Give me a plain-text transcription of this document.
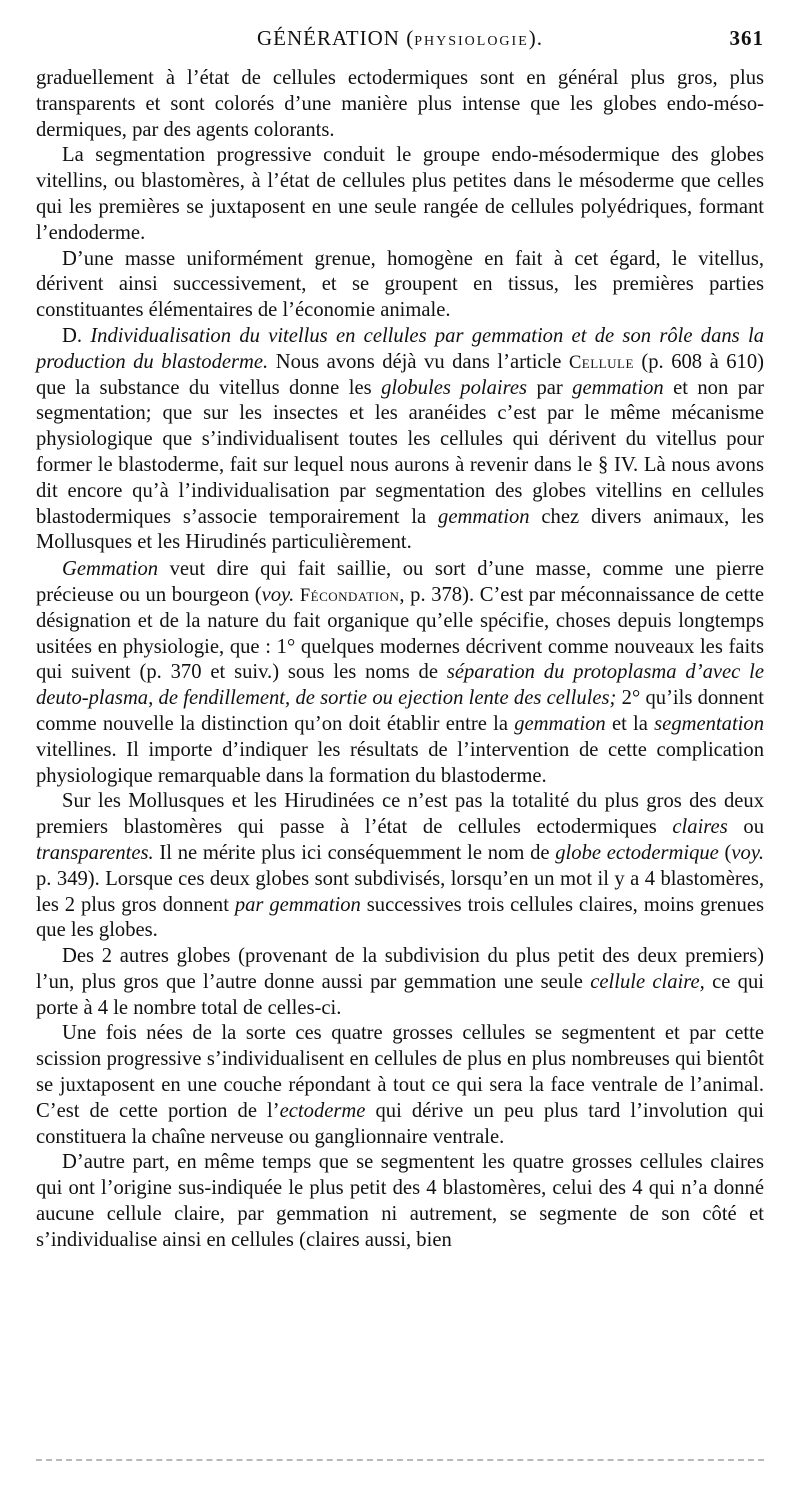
GÉNÉRATION (PHYSIOLOGIE).	361

graduellement à l’état de cellules ectodermiques sont en général plus gros, plus transparents et sont colorés d’une manière plus intense que les globes endo-méso-dermiques, par des agents colorants.

La segmentation progressive conduit le groupe endo-mésodermique des globes vitellins, ou blastomères, à l’état de cellules plus petites dans le mésoderme que celles qui les premières se juxtaposent en une seule rangée de cellules polyédriques, formant l’endoderme.

D’une masse uniformément grenue, homogène en fait à cet égard, le vitellus, dérivent ainsi successivement, et se groupent en tissus, les premières parties constituantes élémentaires de l’économie animale.

D. Individualisation du vitellus en cellules par gemmation et de son rôle dans la production du blastoderme. Nous avons déjà vu dans l’article Cellule (p. 608 à 610) que la substance du vitellus donne les globules polaires par gemmation et non par segmentation; que sur les insectes et les aranéides c’est par le même mécanisme physiologique que s’individualisent toutes les cellules qui dérivent du vitellus pour former le blastoderme, fait sur lequel nous aurons à revenir dans le § IV. Là nous avons dit encore qu’à l’individualisation par segmentation des globes vitellins en cellules blastodermiques s’associe temporairement la gemmation chez divers animaux, les Mollusques et les Hirudinés particulièrement.

Gemmation veut dire qui fait saillie, ou sort d’une masse, comme une pierre précieuse ou un bourgeon (voy. Fécondation, p. 378). C’est par méconnaissance de cette désignation et de la nature du fait organique qu’elle spécifie, choses depuis longtemps usitées en physiologie, que : 1° quelques modernes décrivent comme nouveaux les faits qui suivent (p. 370 et suiv.) sous les noms de séparation du protoplasma d’avec le deuto-plasma, de fendillement, de sortie ou ejection lente des cellules; 2° qu’ils donnent comme nouvelle la distinction qu’on doit établir entre la gemmation et la segmentation vitellines. Il importe d’indiquer les résultats de l’intervention de cette complication physiologique remarquable dans la formation du blastoderme.

Sur les Mollusques et les Hirudinées ce n’est pas la totalité du plus gros des deux premiers blastomères qui passe à l’état de cellules ectodermiques claires ou transparentes. Il ne mérite plus ici conséquemment le nom de globe ectodermique (voy. p. 349). Lorsque ces deux globes sont subdivisés, lorsqu’en un mot il y a 4 blastomères, les 2 plus gros donnent par gemmation successives trois cellules claires, moins grenues que les globes.

Des 2 autres globes (provenant de la subdivision du plus petit des deux premiers) l’un, plus gros que l’autre donne aussi par gemmation une seule cellule claire, ce qui porte à 4 le nombre total de celles-ci.

Une fois nées de la sorte ces quatre grosses cellules se segmentent et par cette scission progressive s’individualisent en cellules de plus en plus nombreuses qui bientôt se juxtaposent en une couche répondant à tout ce qui sera la face ventrale de l’animal. C’est de cette portion de l’ectoderme qui dérive un peu plus tard l’involution qui constituera la chaîne nerveuse ou ganglionnaire ventrale.

D’autre part, en même temps que se segmentent les quatre grosses cellules claires qui ont l’origine sus-indiquée le plus petit des 4 blastomères, celui des 4 qui n’a donné aucune cellule claire, par gemmation ni autrement, se segmente de son côté et s’individualise ainsi en cellules (claires aussi, bien
